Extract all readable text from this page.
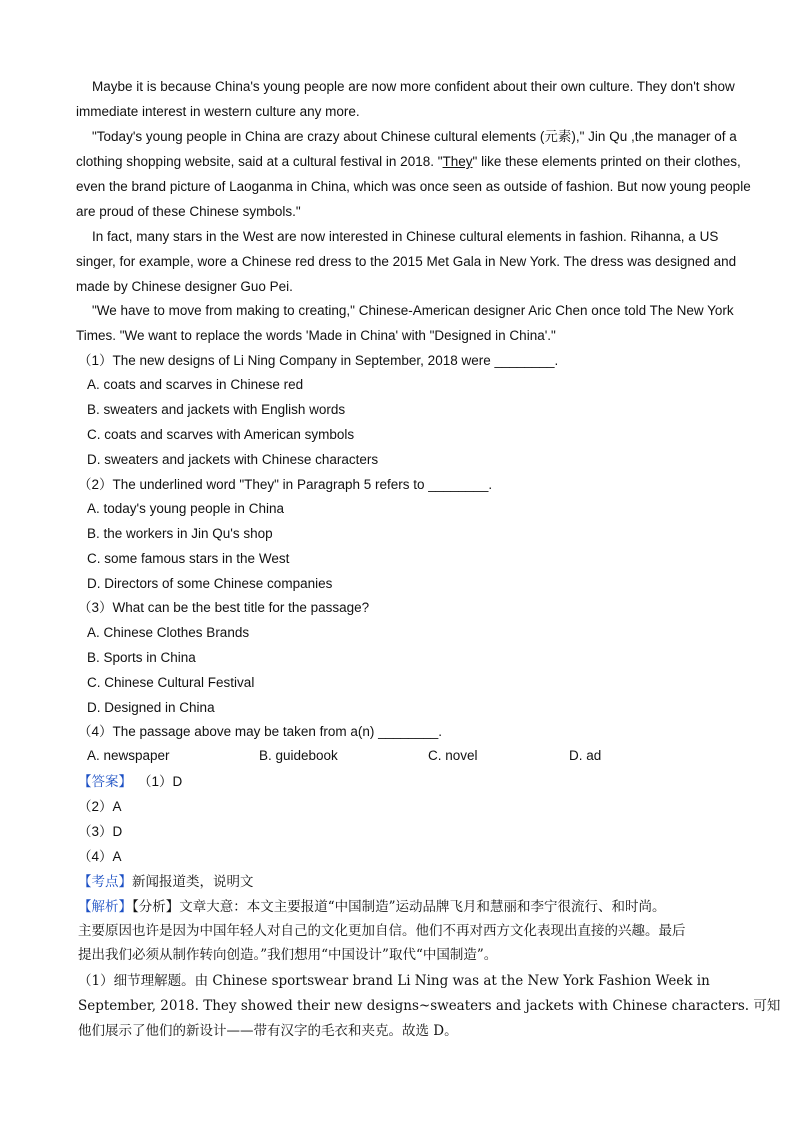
Maybe it is because China's young people are now more confident about their own culture. They don't show
immediate interest in western culture any more.
"Today's young people in China are crazy about Chinese cultural elements (元素)," Jin Qu ,the manager of a
clothing shopping website, said at a cultural festival in 2018. "They" like these elements printed on their clothes,
even the brand picture of Laoganma in China, which was once seen as outside of fashion. But now young people
are proud of these Chinese symbols."
In fact, many stars in the West are now interested in Chinese cultural elements in fashion. Rihanna, a US
singer, for example, wore a Chinese red dress to the 2015 Met Gala in New York. The dress was designed and
made by Chinese designer Guo Pei.
"We have to move from making to creating," Chinese-American designer Aric Chen once told The New York
Times. "We want to replace the words 'Made in China' with "Designed in China'."
（1）The new designs of Li Ning Company in September, 2018 were ________.
A. coats and scarves in Chinese red
B. sweaters and jackets with English words
C. coats and scarves with American symbols
D. sweaters and jackets with Chinese characters
（2）The underlined word "They" in Paragraph 5 refers to ________.
A. today's young people in China
B. the workers in Jin Qu's shop
C. some famous stars in the West
D. Directors of some Chinese companies
（3）What can be the best title for the passage?
A. Chinese Clothes Brands
B. Sports in China
C. Chinese Cultural Festival
D. Designed in China
（4）The passage above may be taken from a(n) ________.
A. newspaper	B. guidebook	C. novel	D. ad
【答案】 （1）D
（2）A
（3）D
（4）A
【考点】新闻报道类，说明文
【解析】【分析】文章大意：本文主要报道“中国制造”运动品牌飞月和慧丽和李宁很流行、和时尚。
主要原因也许是因为中国年轻人对自己的文化更加自信。他们不再对西方文化表现出直接的兴趣。最后
提出我们必须从制作转向创造。”我们想用“中国设计”取代“中国制造”。
（1）细节理解题。由 Chinese sportswear brand Li Ning was at the New York Fashion Week in
September, 2018. They showed their new designs~sweaters and jackets with Chinese characters. 可知
他们展示了他们的新设计——带有汉字的毛衣和夹克。故选 D。
